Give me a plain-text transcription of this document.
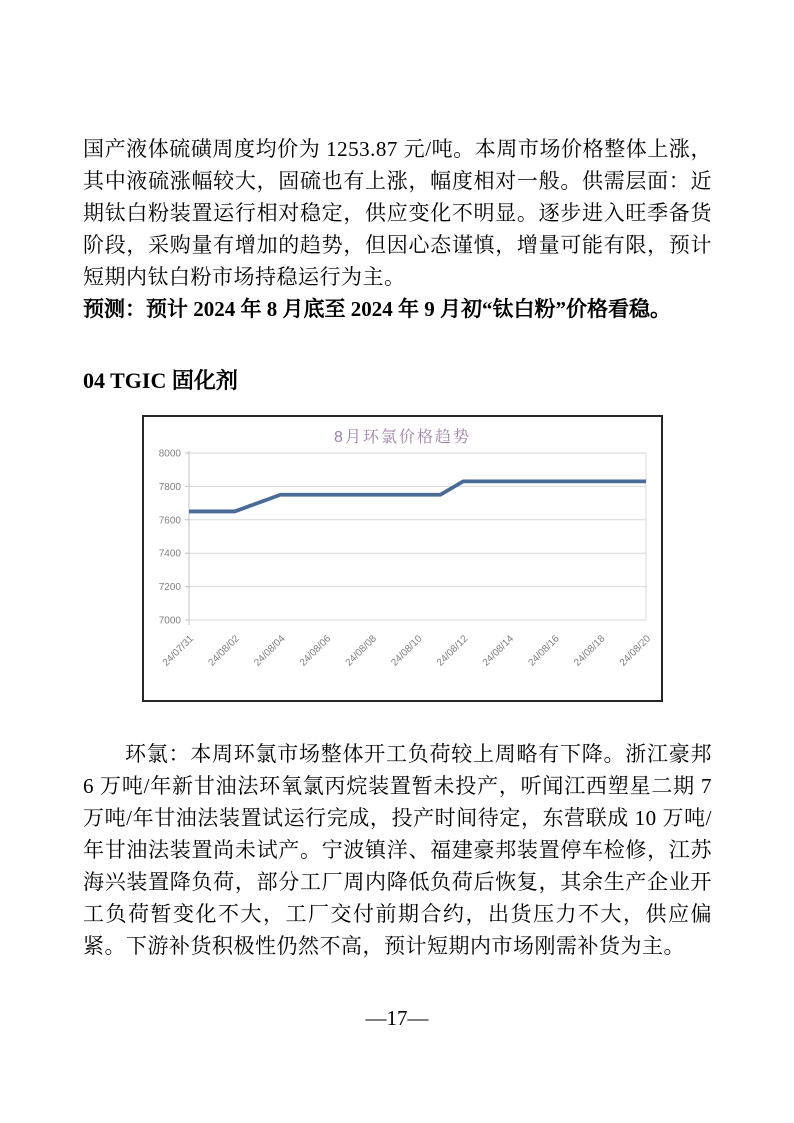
国产液体硫磺周度均价为 1253.87 元/吨。本周市场价格整体上涨，其中液硫涨幅较大，固硫也有上涨，幅度相对一般。供需层面：近期钛白粉装置运行相对稳定，供应变化不明显。逐步进入旺季备货阶段，采购量有增加的趋势，但因心态谨慎，增量可能有限，预计短期内钛白粉市场持稳运行为主。

预测：预计 2024 年 8 月底至 2024 年 9 月初“钛白粉”价格看稳。

04 TGIC 固化剂
8月环氯价格趋势
7000
7200
7400
7600
7800
8000
24/07/31 24/08/02 24/08/04 24/08/06 24/08/08 24/08/10 24/08/12 24/08/14 24/08/16 24/08/18 24/08/20

环氯：本周环氯市场整体开工负荷较上周略有下降。浙江豪邦 6 万吨/年新甘油法环氧氯丙烷装置暂未投产，听闻江西塑星二期 7 万吨/年甘油法装置试运行完成，投产时间待定，东营联成 10 万吨/年甘油法装置尚未试产。宁波镇洋、福建豪邦装置停车检修，江苏海兴装置降负荷，部分工厂周内降低负荷后恢复，其余生产企业开工负荷暂变化不大，工厂交付前期合约，出货压力不大，供应偏紧。下游补货积极性仍然不高，预计短期内市场刚需补货为主。

—17—
